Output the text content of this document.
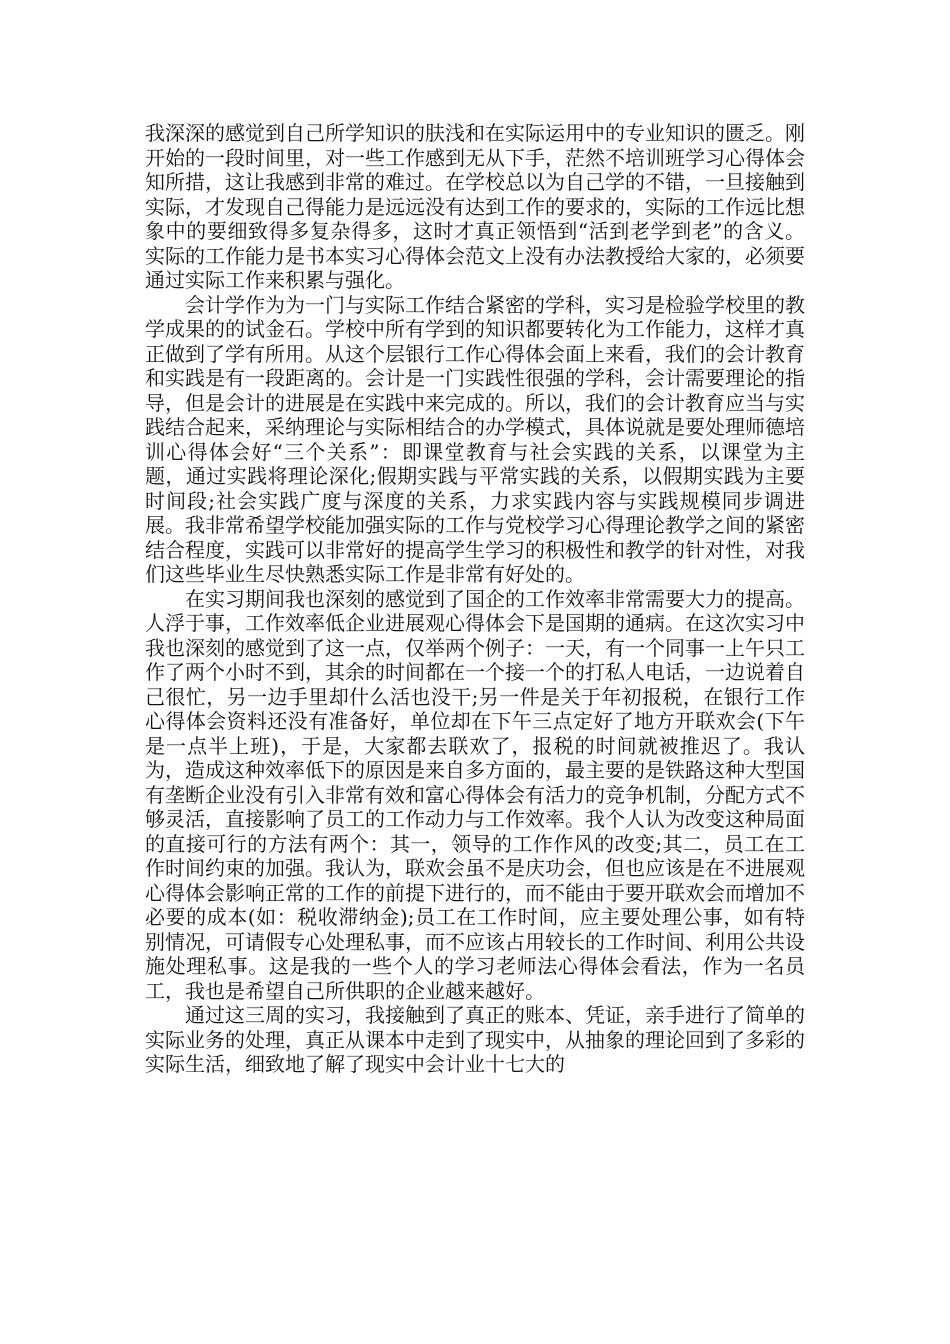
我深深的感觉到自己所学知识的肤浅和在实际运用中的专业知识的匮乏。刚开始的一段时间里，对一些工作感到无从下手，茫然不培训班学习心得体会知所措，这让我感到非常的难过。在学校总以为自己学的不错，一旦接触到实际，才发现自己得能力是远远没有达到工作的要求的，实际的工作远比想象中的要细致得多复杂得多，这时才真正领悟到“活到老学到老”的含义。实际的工作能力是书本实习心得体会范文上没有办法教授给大家的，必须要通过实际工作来积累与强化。

会计学作为为一门与实际工作结合紧密的学科，实习是检验学校里的教学成果的的试金石。学校中所有学到的知识都要转化为工作能力，这样才真正做到了学有所用。从这个层银行工作心得体会面上来看，我们的会计教育和实践是有一段距离的。会计是一门实践性很强的学科，会计需要理论的指导，但是会计的进展是在实践中来完成的。所以，我们的会计教育应当与实践结合起来，采纳理论与实际相结合的办学模式，具体说就是要处理师德培训心得体会好“三个关系”：即课堂教育与社会实践的关系，以课堂为主题，通过实践将理论深化;假期实践与平常实践的关系，以假期实践为主要时间段;社会实践广度与深度的关系，力求实践内容与实践规模同步调进展。我非常希望学校能加强实际的工作与党校学习心得理论教学之间的紧密结合程度，实践可以非常好的提高学生学习的积极性和教学的针对性，对我们这些毕业生尽快熟悉实际工作是非常有好处的。

在实习期间我也深刻的感觉到了国企的工作效率非常需要大力的提高。人浮于事，工作效率低企业进展观心得体会下是国期的通病。在这次实习中我也深刻的感觉到了这一点，仅举两个例子：一天，有一个同事一上午只工作了两个小时不到，其余的时间都在一个接一个的打私人电话，一边说着自己很忙，另一边手里却什么活也没干;另一件是关于年初报税，在银行工作心得体会资料还没有准备好，单位却在下午三点定好了地方开联欢会(下午是一点半上班)，于是，大家都去联欢了，报税的时间就被推迟了。我认为，造成这种效率低下的原因是来自多方面的，最主要的是铁路这种大型国有垄断企业没有引入非常有效和富心得体会有活力的竞争机制，分配方式不够灵活，直接影响了员工的工作动力与工作效率。我个人认为改变这种局面的直接可行的方法有两个：其一，领导的工作作风的改变;其二，员工在工作时间约束的加强。我认为，联欢会虽不是庆功会，但也应该是在不进展观心得体会影响正常的工作的前提下进行的，而不能由于要开联欢会而增加不必要的成本(如：税收滞纳金);员工在工作时间，应主要处理公事，如有特别情况，可请假专心处理私事，而不应该占用较长的工作时间、利用公共设施处理私事。这是我的一些个人的学习老师法心得体会看法，作为一名员工，我也是希望自己所供职的企业越来越好。

通过这三周的实习，我接触到了真正的账本、凭证，亲手进行了简单的实际业务的处理，真正从课本中走到了现实中，从抽象的理论回到了多彩的实际生活，细致地了解了现实中会计业十七大的
